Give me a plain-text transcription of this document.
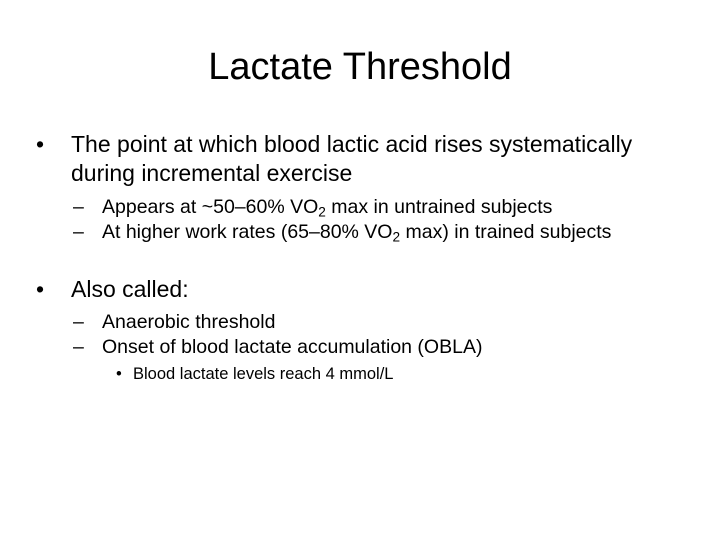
Lactate Threshold
• The point at which blood lactic acid rises systematically during incremental exercise
– Appears at ~50–60% $VO_2$ max in untrained subjects
– At higher work rates (65–80% $VO_2$ max) in trained subjects
• Also called:
– Anaerobic threshold
– Onset of blood lactate accumulation (OBLA)
• Blood lactate levels reach 4 mmol/L
